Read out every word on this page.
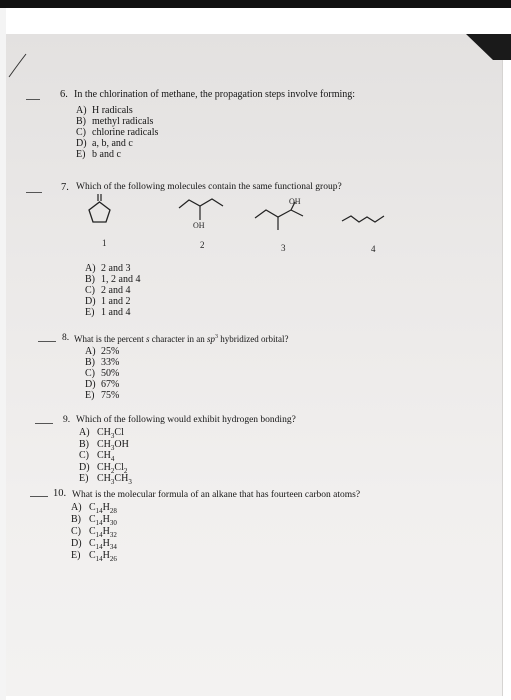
6. In the chlorination of methane, the propagation steps involve forming:
A) H radicals
B) methyl radicals
C) chlorine radicals
D) a, b, and c
E) b and c
7. Which of the following molecules contain the same functional group?
1
OH
2
OH
3	4
A) 2 and 3
B) 1, 2 and 4
C) 2 and 4
D) 1 and 2
E) 1 and 4
8. What is the percent s character in an $sp^3$ hybridized orbital?
A) 25%
B) 33%
C) 50%
D) 67%
E) 75%
9. Which of the following would exhibit hydrogen bonding?
A) $CH_3Cl$
B) $CH_3OH$
C) $CH_4$
D) $CH_2Cl_2$
E) $CH_3CH_3$
10. What is the molecular formula of an alkane that has fourteen carbon atoms?
A) $C_{14}H_{28}$
B) $C_{14}H_{30}$
C) $C_{14}H_{32}$
D) $C_{14}H_{34}$
E) $C_{14}H_{26}$
